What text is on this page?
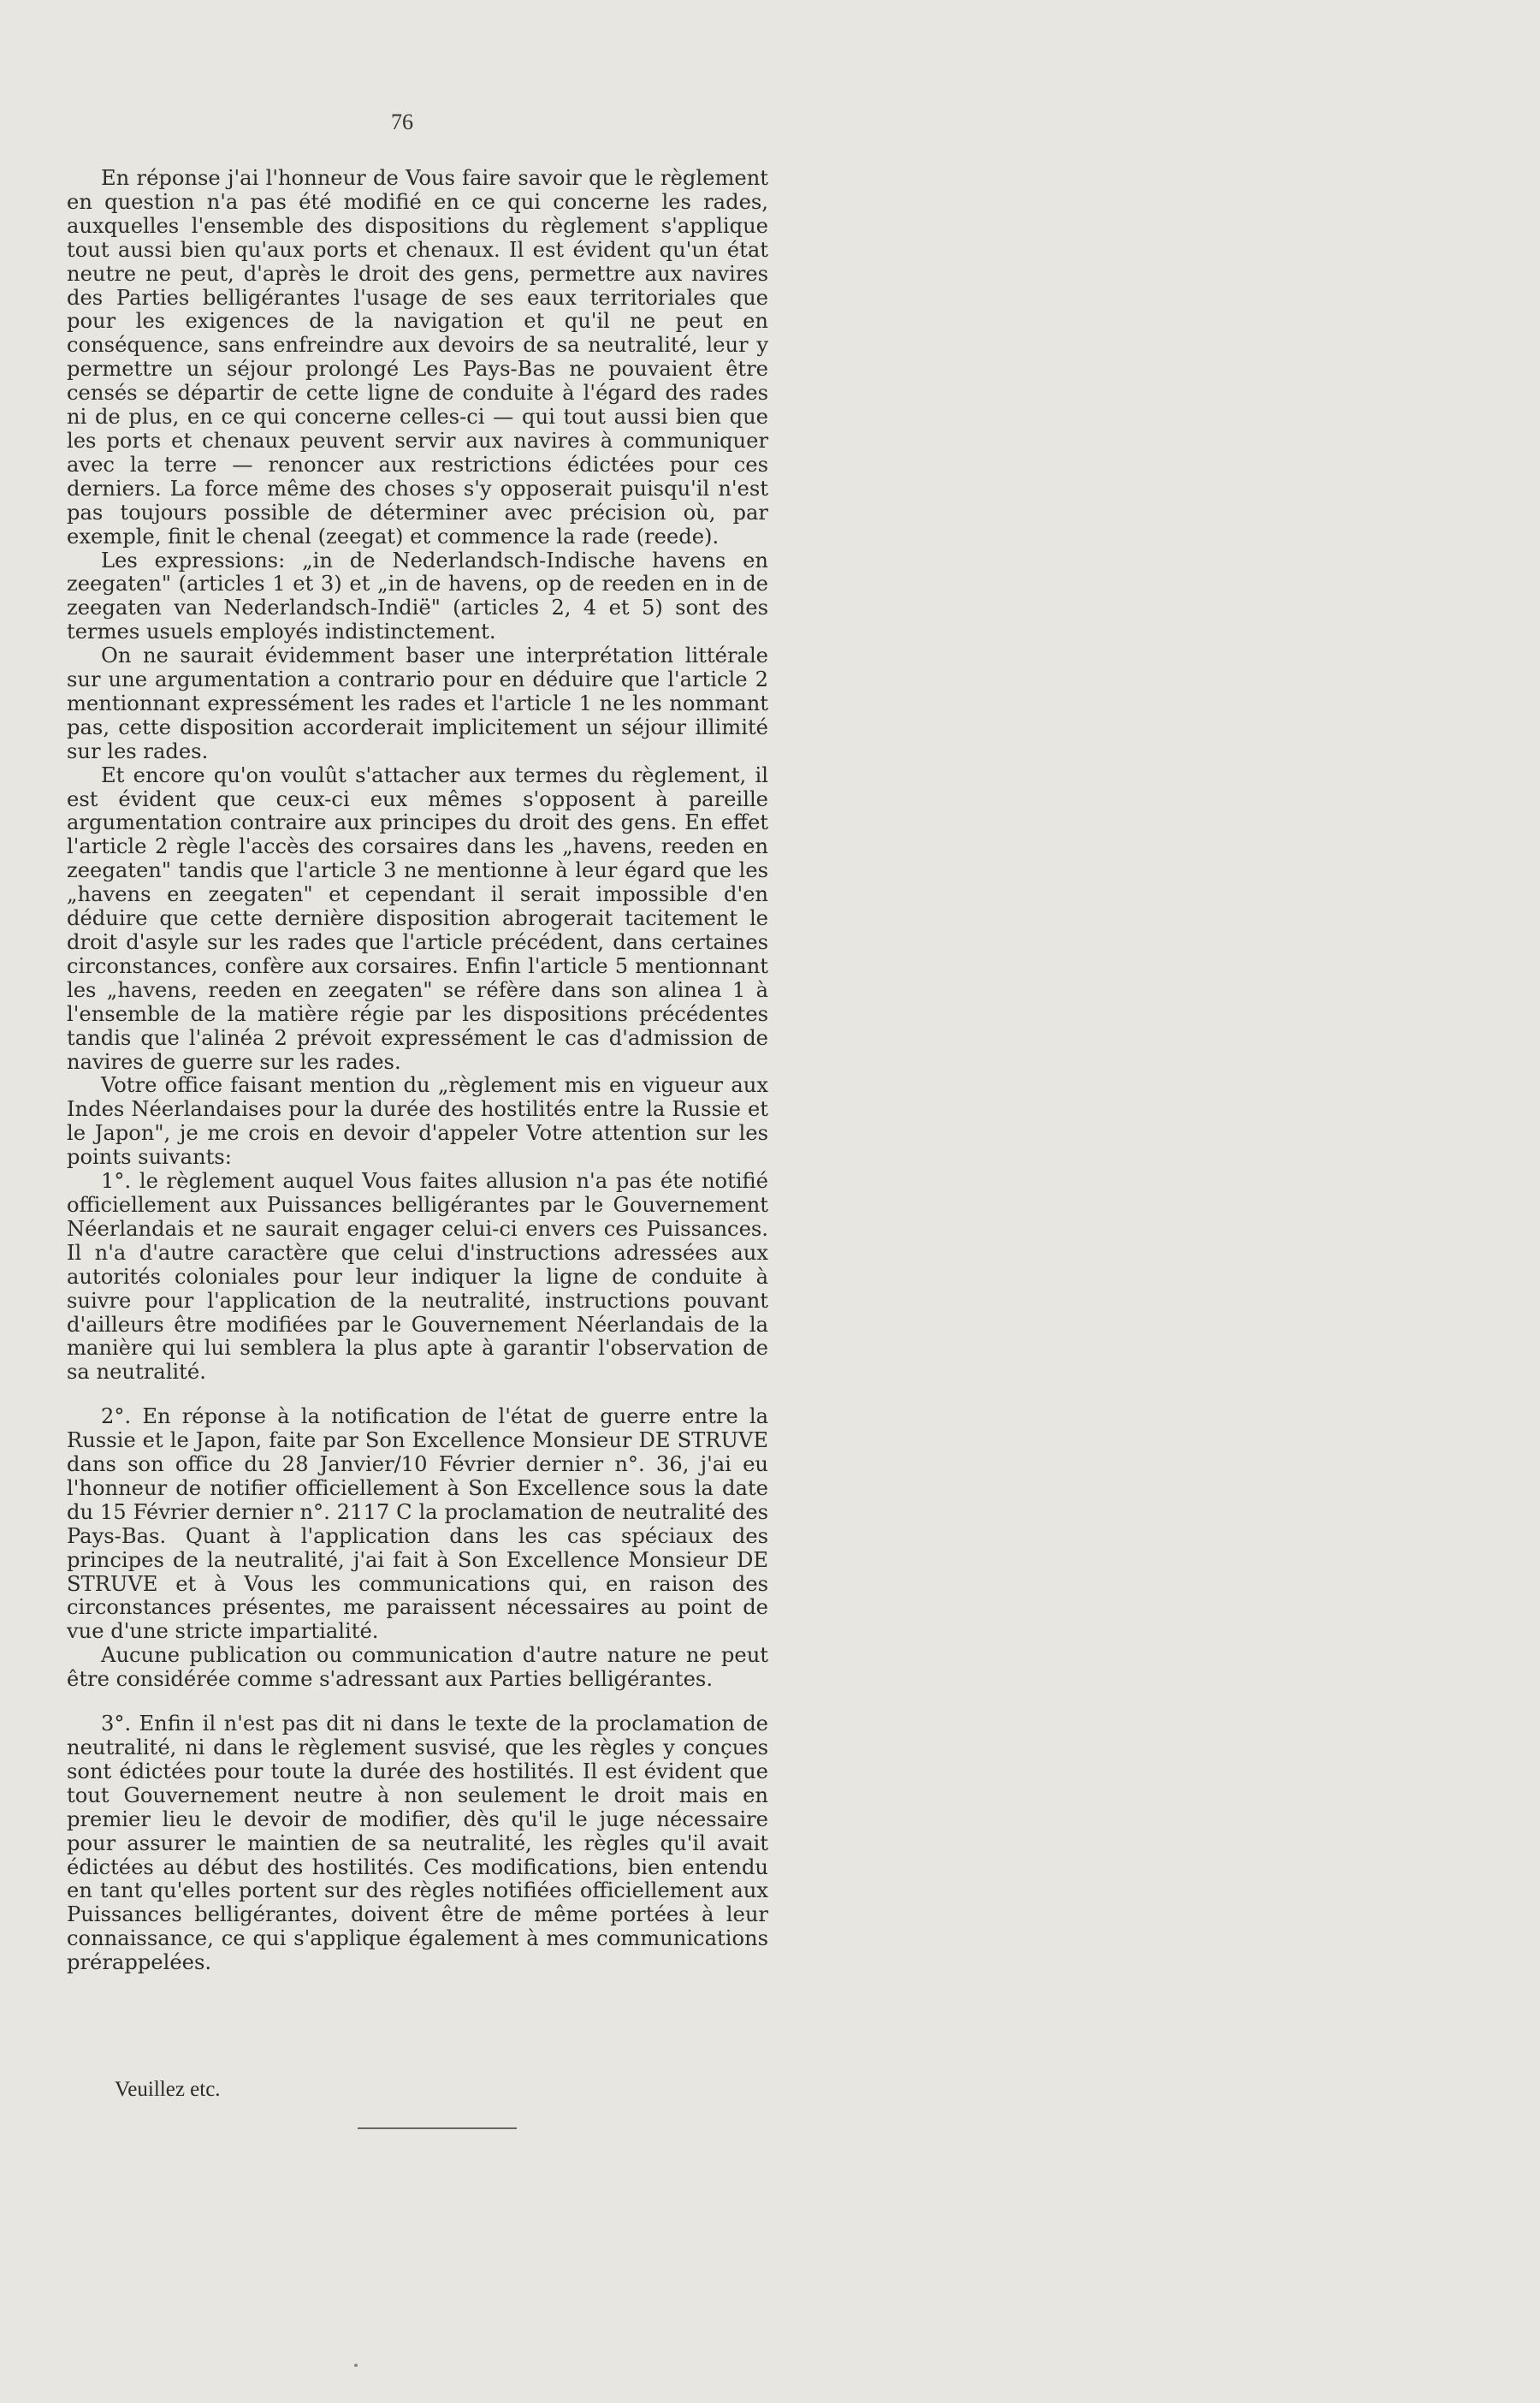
76

En réponse j'ai l'honneur de Vous faire savoir que le règlement en question n'a pas été modifié en ce qui concerne les rades, auxquelles l'ensemble des dispositions du règlement s'applique tout aussi bien qu'aux ports et chenaux. Il est évident qu'un état neutre ne peut, d'après le droit des gens, permettre aux navires des Parties belligérantes l'usage de ses eaux territoriales que pour les exigences de la navigation et qu'il ne peut en conséquence, sans enfreindre aux devoirs de sa neutralité, leur y permettre un séjour prolongé Les Pays-Bas ne pouvaient être censés se départir de cette ligne de conduite à l'égard des rades ni de plus, en ce qui concerne celles-ci — qui tout aussi bien que les ports et chenaux peuvent servir aux navires à communiquer avec la terre — renoncer aux restrictions édictées pour ces derniers. La force même des choses s'y opposerait puisqu'il n'est pas toujours possible de déterminer avec précision où, par exemple, finit le chenal (zeegat) et commence la rade (reede).

Les expressions: „in de Nederlandsch-Indische havens en zeegaten" (articles 1 et 3) et „in de havens, op de reeden en in de zeegaten van Nederlandsch-Indië" (articles 2, 4 et 5) sont des termes usuels employés indistinctement.

On ne saurait évidemment baser une interprétation littérale sur une argumentation a contrario pour en déduire que l'article 2 mentionnant expressément les rades et l'article 1 ne les nommant pas, cette disposition accorderait implicitement un séjour illimité sur les rades.

Et encore qu'on voulût s'attacher aux termes du règlement, il est évident que ceux-ci eux mêmes s'opposent à pareille argumentation contraire aux principes du droit des gens. En effet l'article 2 règle l'accès des corsaires dans les „havens, reeden en zeegaten" tandis que l'article 3 ne mentionne à leur égard que les „havens en zeegaten" et cependant il serait impossible d'en déduire que cette dernière disposition abrogerait tacitement le droit d'asyle sur les rades que l'article précédent, dans certaines circonstances, confère aux corsaires. Enfin l'article 5 mentionnant les „havens, reeden en zeegaten" se réfère dans son alinea 1 à l'ensemble de la matière régie par les dispositions précédentes tandis que l'alinéa 2 prévoit expressément le cas d'admission de navires de guerre sur les rades.

Votre office faisant mention du „règlement mis en vigueur aux Indes Néerlandaises pour la durée des hostilités entre la Russie et le Japon", je me crois en devoir d'appeler Votre attention sur les points suivants:

1°. le règlement auquel Vous faites allusion n'a pas éte notifié officiellement aux Puissances belligérantes par le Gouvernement Néerlandais et ne saurait engager celui-ci envers ces Puissances. Il n'a d'autre caractère que celui d'instructions adressées aux autorités coloniales pour leur indiquer la ligne de conduite à suivre pour l'application de la neutralité, instructions pouvant d'ailleurs être modifiées par le Gouvernement Néerlandais de la manière qui lui semblera la plus apte à garantir l'observation de sa neutralité.

2°. En réponse à la notification de l'état de guerre entre la Russie et le Japon, faite par Son Excellence Monsieur DE STRUVE dans son office du 28 Janvier/10 Février dernier n°. 36, j'ai eu l'honneur de notifier officiellement à Son Excellence sous la date du 15 Février dernier n°. 2117 C la proclamation de neutralité des Pays-Bas. Quant à l'application dans les cas spéciaux des principes de la neutralité, j'ai fait à Son Excellence Monsieur DE STRUVE et à Vous les communications qui, en raison des circonstances présentes, me paraissent nécessaires au point de vue d'une stricte impartialité.

Aucune publication ou communication d'autre nature ne peut être considérée comme s'adressant aux Parties belligérantes.

3°. Enfin il n'est pas dit ni dans le texte de la proclamation de neutralité, ni dans le règlement susvisé, que les règles y conçues sont édictées pour toute la durée des hostilités. Il est évident que tout Gouvernement neutre à non seulement le droit mais en premier lieu le devoir de modifier, dès qu'il le juge nécessaire pour assurer le maintien de sa neutralité, les règles qu'il avait édictées au début des hostilités. Ces modifications, bien entendu en tant qu'elles portent sur des règles notifiées officiellement aux Puissances belligérantes, doivent être de même portées à leur connaissance, ce qui s'applique également à mes communications prérappelées.

Veuillez etc.
